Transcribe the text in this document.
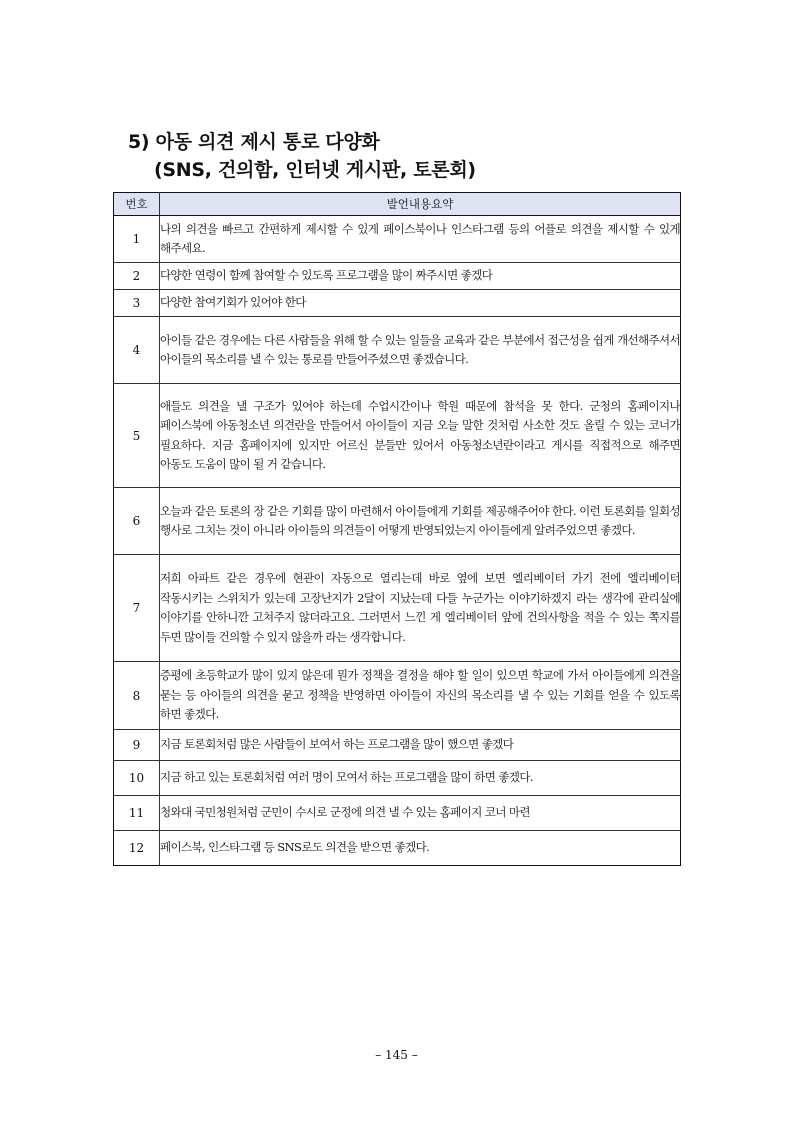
5) 아동 의견 제시 통로 다양화
(SNS, 건의함, 인터넷 게시판, 토론회)
번호	발언내용요약
1	나의 의견을 빠르고 간편하게 제시할 수 있게 페이스북이나 인스타그램 등의 어플로 의견을 제시할 수 있게 해주세요.
2	다양한 연령이 함께 참여할 수 있도록 프로그램을 많이 짜주시면 좋겠다
3	다양한 참여기회가 있어야 한다
4	아이들 같은 경우에는 다른 사람들을 위해 할 수 있는 일들을 교육과 같은 부분에서 접근성을 쉽게 개선해주셔서 아이들의 목소리를 낼 수 있는 통로를 만들어주셨으면 좋겠습니다.
5	애들도 의견을 낼 구조가 있어야 하는데 수업시간이나 학원 때문에 참석을 못 한다. 군청의 홈페이지나 페이스북에 아동청소년 의견란을 만들어서 아이들이 지금 오늘 말한 것처럼 사소한 것도 올릴 수 있는 코너가 필요하다. 지금 홈페이지에 있지만 어르신 분들만 있어서 아동청소년란이라고 게시를 직접적으로 해주면 아동도 도움이 많이 될 거 같습니다.
6	오늘과 같은 토론의 장 같은 기회를 많이 마련해서 아이들에게 기회를 제공해주어야 한다. 이런 토론회를 일회성 행사로 그치는 것이 아니라 아이들의 의견들이 어떻게 반영되었는지 아이들에게 알려주었으면 좋겠다.
7	저희 아파트 같은 경우에 현관이 자동으로 열리는데 바로 옆에 보면 엘리베이터 가기 전에 엘리베이터 작동시키는 스위치가 있는데 고장난지가 2달이 지났는데 다들 누군가는 이야기하겠지 라는 생각에 관리실에 이야기를 안하니깐 고쳐주지 않더라고요. 그러면서 느낀 게 엘리베이터 앞에 건의사항을 적을 수 있는 쪽지를 두면 많이들 건의할 수 있지 않을까 라는 생각합니다.
8	증평에 초등학교가 많이 있지 않은데 뭔가 정책을 결정을 해야 할 일이 있으면 학교에 가서 아이들에게 의견을 묻는 등 아이들의 의견을 묻고 정책을 반영하면 아이들이 자신의 목소리를 낼 수 있는 기회를 얻을 수 있도록 하면 좋겠다.
9	지금 토론회처럼 많은 사람들이 보여서 하는 프로그램을 많이 했으면 좋겠다
10	지금 하고 있는 토론회처럼 여러 명이 모여서 하는 프로그램을 많이 하면 좋겠다.
11	청와대 국민청원처럼 군민이 수시로 군정에 의견 낼 수 있는 홈페이지 코너 마련
12	페이스북, 인스타그램 등 SNS로도 의견을 받으면 좋겠다.
– 145 –
